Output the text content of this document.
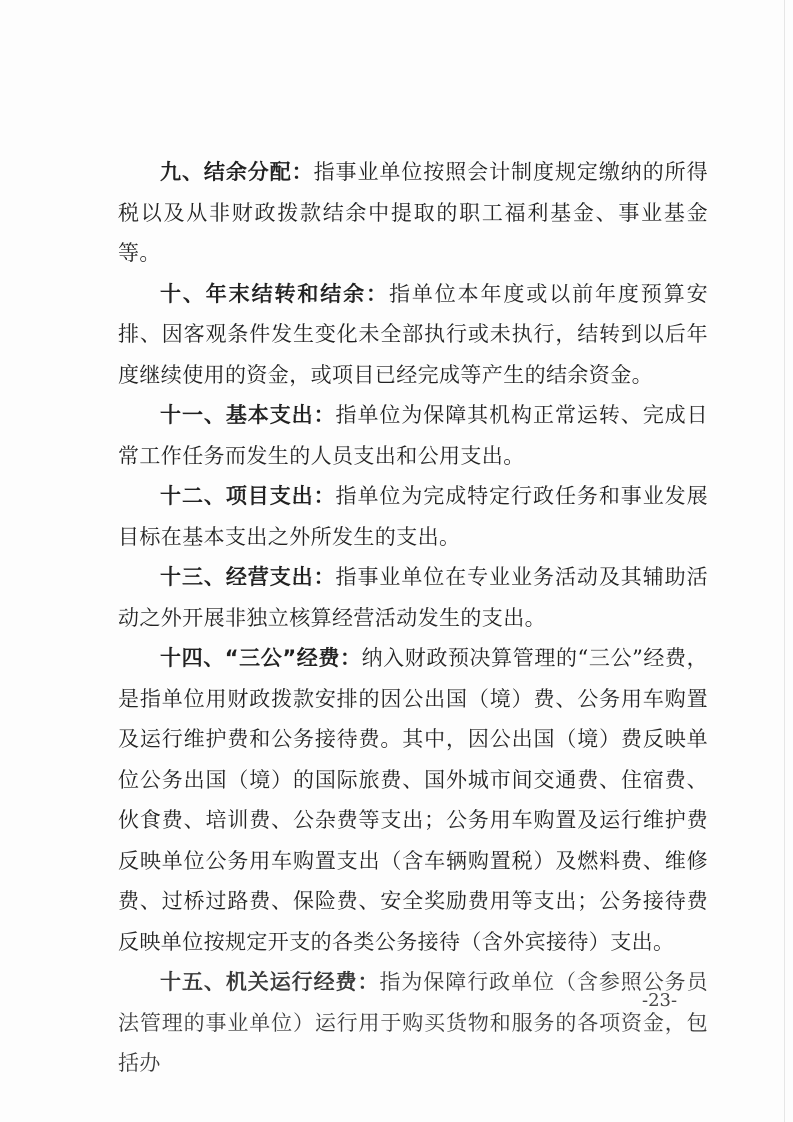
九、结余分配：指事业单位按照会计制度规定缴纳的所得税以及从非财政拨款结余中提取的职工福利基金、事业基金等。

十、年末结转和结余：指单位本年度或以前年度预算安排、因客观条件发生变化未全部执行或未执行，结转到以后年度继续使用的资金，或项目已经完成等产生的结余资金。

十一、基本支出：指单位为保障其机构正常运转、完成日常工作任务而发生的人员支出和公用支出。

十二、项目支出：指单位为完成特定行政任务和事业发展目标在基本支出之外所发生的支出。

十三、经营支出：指事业单位在专业业务活动及其辅助活动之外开展非独立核算经营活动发生的支出。

十四、“三公”经费：纳入财政预决算管理的“三公”经费，是指单位用财政拨款安排的因公出国（境）费、公务用车购置及运行维护费和公务接待费。其中，因公出国（境）费反映单位公务出国（境）的国际旅费、国外城市间交通费、住宿费、伙食费、培训费、公杂费等支出；公务用车购置及运行维护费反映单位公务用车购置支出（含车辆购置税）及燃料费、维修费、过桥过路费、保险费、安全奖励费用等支出；公务接待费反映单位按规定开支的各类公务接待（含外宾接待）支出。

十五、机关运行经费：指为保障行政单位（含参照公务员法管理的事业单位）运行用于购买货物和服务的各项资金，包括办

-23-
